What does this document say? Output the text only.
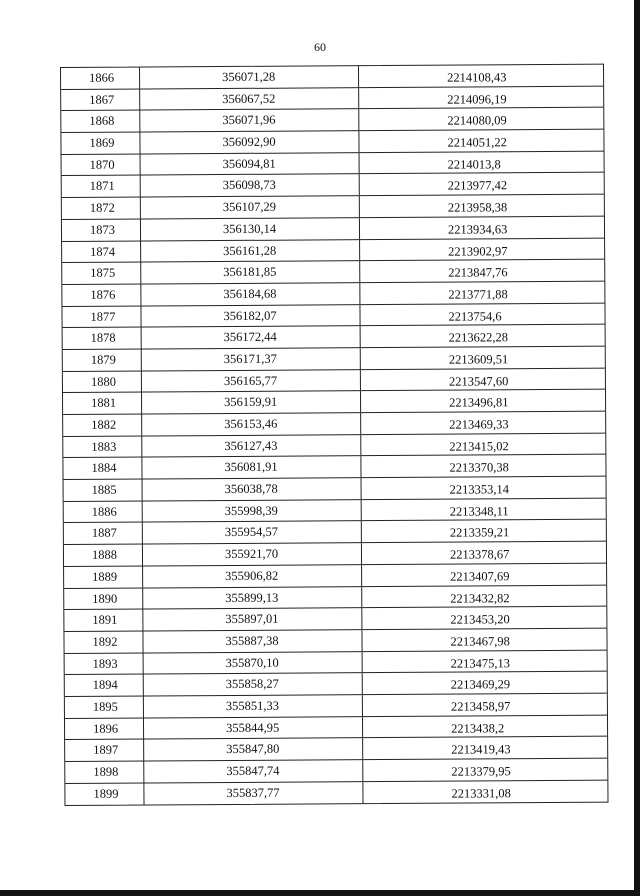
60
1866	356071,28	2214108,43
1867	356067,52	2214096,19
1868	356071,96	2214080,09
1869	356092,90	2214051,22
1870	356094,81	2214013,8
1871	356098,73	2213977,42
1872	356107,29	2213958,38
1873	356130,14	2213934,63
1874	356161,28	2213902,97
1875	356181,85	2213847,76
1876	356184,68	2213771,88
1877	356182,07	2213754,6
1878	356172,44	2213622,28
1879	356171,37	2213609,51
1880	356165,77	2213547,60
1881	356159,91	2213496,81
1882	356153,46	2213469,33
1883	356127,43	2213415,02
1884	356081,91	2213370,38
1885	356038,78	2213353,14
1886	355998,39	2213348,11
1887	355954,57	2213359,21
1888	355921,70	2213378,67
1889	355906,82	2213407,69
1890	355899,13	2213432,82
1891	355897,01	2213453,20
1892	355887,38	2213467,98
1893	355870,10	2213475,13
1894	355858,27	2213469,29
1895	355851,33	2213458,97
1896	355844,95	2213438,2
1897	355847,80	2213419,43
1898	355847,74	2213379,95
1899	355837,77	2213331,08
